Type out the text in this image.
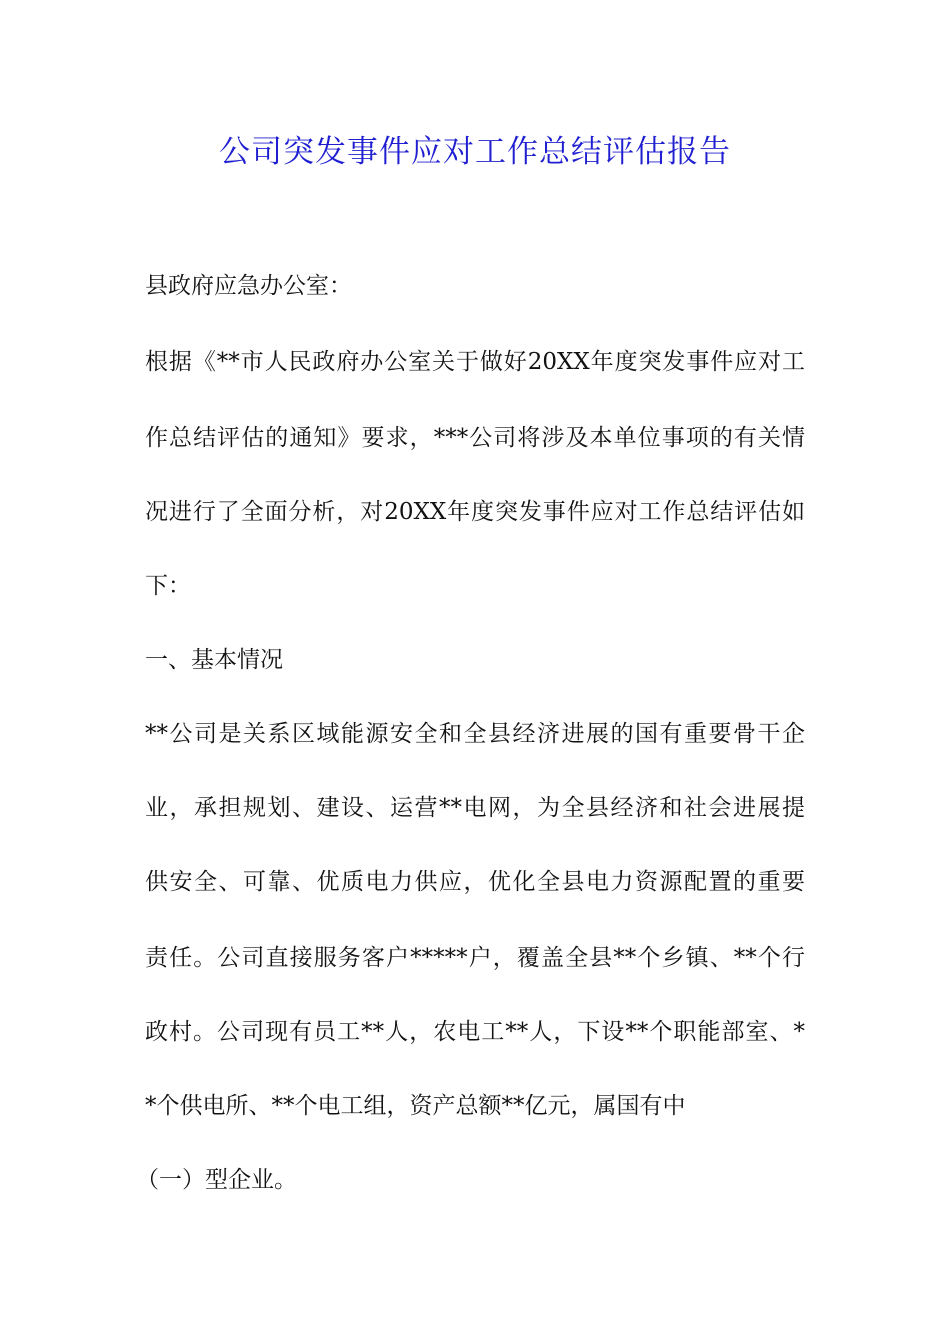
公司突发事件应对工作总结评估报告
县政府应急办公室：
根据《**市人民政府办公室关于做好20XX年度突发事件应对工
作总结评估的通知》要求，***公司将涉及本单位事项的有关情
况进行了全面分析，对20XX年度突发事件应对工作总结评估如
下：
一、基本情况
**公司是关系区域能源安全和全县经济进展的国有重要骨干企
业，承担规划、建设、运营**电网，为全县经济和社会进展提
供安全、可靠、优质电力供应，优化全县电力资源配置的重要
责任。公司直接服务客户*****户，覆盖全县**个乡镇、**个行
政村。公司现有员工**人，农电工**人，下设**个职能部室、*
*个供电所、**个电工组，资产总额**亿元，属国有中
（一）型企业。
